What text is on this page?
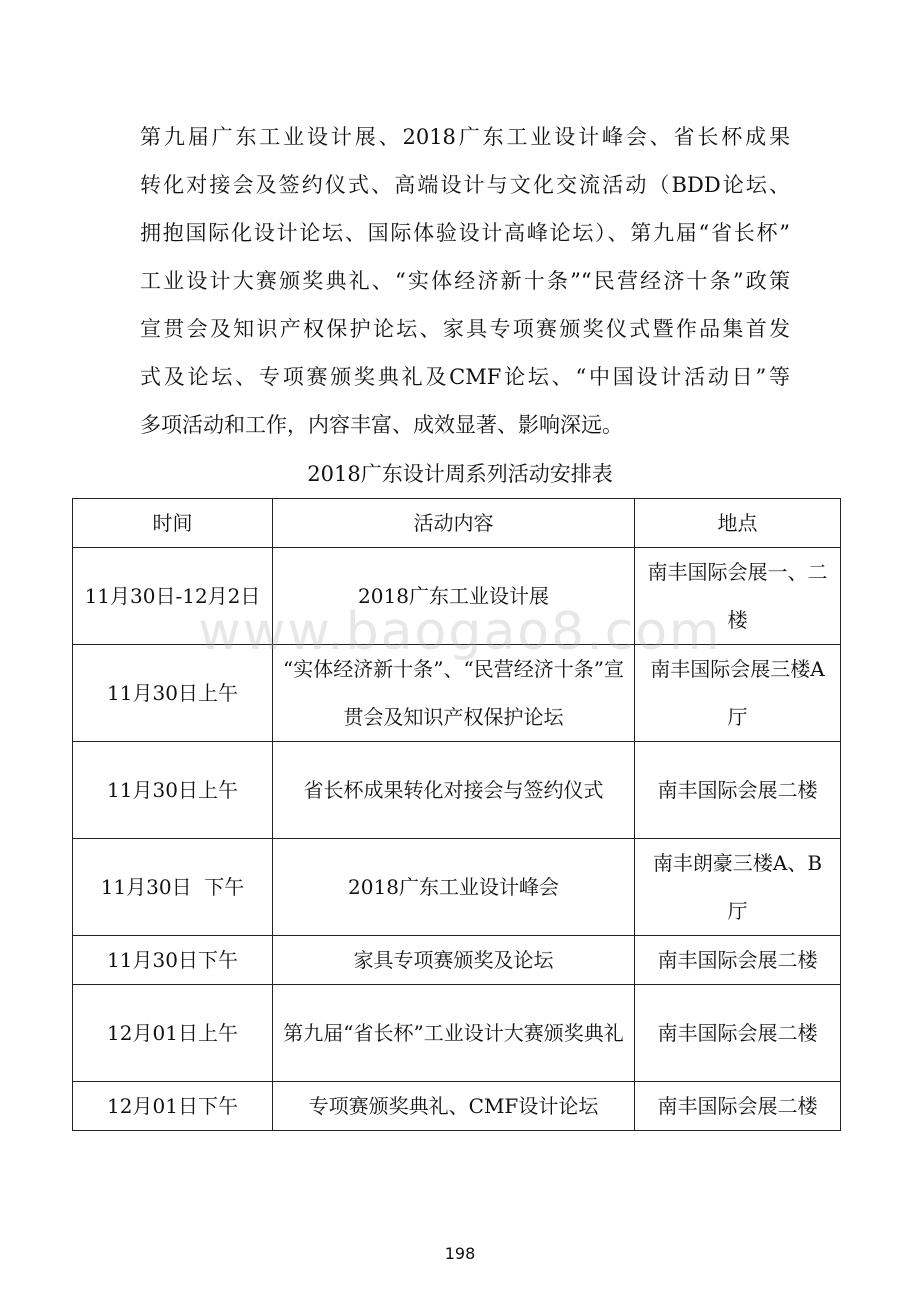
第九届广东工业设计展、2018广东工业设计峰会、省长杯成果
转化对接会及签约仪式、高端设计与文化交流活动（BDD论坛、
拥抱国际化设计论坛、国际体验设计高峰论坛）、第九届“省长杯”
工业设计大赛颁奖典礼、“实体经济新十条”“民营经济十条”政策
宣贯会及知识产权保护论坛、家具专项赛颁奖仪式暨作品集首发
式及论坛、专项赛颁奖典礼及CMF论坛、“中国设计活动日”等
多项活动和工作，内容丰富、成效显著、影响深远。
2018广东设计周系列活动安排表
时间	活动内容	地点
11月30日-12月2日	2018广东工业设计展	南丰国际会展一、二楼
11月30日上午	“实体经济新十条”、“民营经济十条”宣贯会及知识产权保护论坛	南丰国际会展三楼A厅
11月30日上午	省长杯成果转化对接会与签约仪式	南丰国际会展二楼
11月30日  下午	2018广东工业设计峰会	南丰朗豪三楼A、B厅
11月30日下午	家具专项赛颁奖及论坛	南丰国际会展二楼
12月01日上午	第九届“省长杯”工业设计大赛颁奖典礼	南丰国际会展二楼
12月01日下午	专项赛颁奖典礼、CMF设计论坛	南丰国际会展二楼
www.baogao8.com
198
